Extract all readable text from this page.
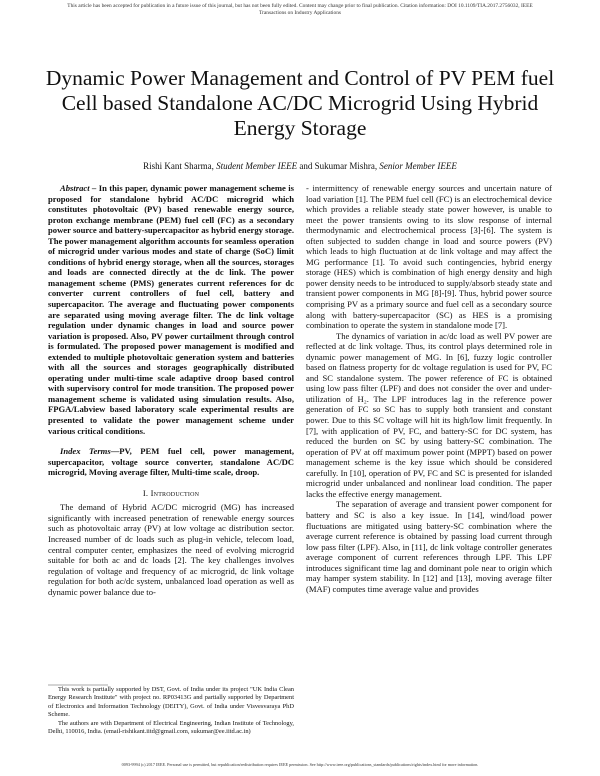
This article has been accepted for publication in a future issue of this journal, but has not been fully edited. Content may change prior to final publication. Citation information: DOI 10.1109/TIA.2017.2756032, IEEE
Transactions on Industry Applications
Dynamic Power Management and Control of PV PEM fuel Cell based Standalone AC/DC Microgrid Using Hybrid Energy Storage
Rishi Kant Sharma, Student Member IEEE and Sukumar Mishra, Senior Member IEEE

Abstract – In this paper, dynamic power management scheme is proposed for standalone hybrid AC/DC microgrid which constitutes photovoltaic (PV) based renewable energy source, proton exchange membrane (PEM) fuel cell (FC) as a secondary power source and battery-supercapacitor as hybrid energy storage. The power management algorithm accounts for seamless operation of microgrid under various modes and state of charge (SoC) limit conditions of hybrid energy storage, when all the sources, storages and loads are connected directly at the dc link. The power management scheme (PMS) generates current references for dc converter current controllers of fuel cell, battery and supercapacitor. The average and fluctuating power components are separated using moving average filter. The dc link voltage regulation under dynamic changes in load and source power variation is proposed. Also, PV power curtailment through control is formulated. The proposed power management is modified and extended to multiple photovoltaic generation system and batteries with all the sources and storages geographically distributed operating under multi-time scale adaptive droop based control with supervisory control for mode transition. The proposed power management scheme is validated using simulation results. Also, FPGA/Labview based laboratory scale experimental results are presented to validate the power management scheme under various critical conditions.

Index Terms—PV, PEM fuel cell, power management, supercapacitor, voltage source converter, standalone AC/DC microgrid, Moving average filter, Multi-time scale, droop.

I. Introduction

The demand of Hybrid AC/DC microgrid (MG) has increased significantly with increased penetration of renewable energy sources such as photovoltaic array (PV) at low voltage ac distribution sector. Increased number of dc loads such as plug-in vehicle, telecom load, central computer center, emphasizes the need of evolving microgrid suitable for both ac and dc loads [2]. The key challenges involves regulation of voltage and frequency of ac microgrid, dc link voltage regulation for both ac/dc system, unbalanced load operation as well as dynamic power balance due to-

- intermittency of renewable energy sources and uncertain nature of load variation [1]. The PEM fuel cell (FC) is an electrochemical device which provides a reliable steady state power however, is unable to meet the power transients owing to its slow response of internal thermodynamic and electrochemical process [3]-[6]. The system is often subjected to sudden change in load and source powers (PV) which leads to high fluctuation at dc link voltage and may affect the MG performance [1]. To avoid such contingencies, hybrid energy storage (HES) which is combination of high energy density and high power density needs to be introduced to supply/absorb steady state and transient power components in MG [8]-[9]. Thus, hybrid power source comprising PV as a primary source and fuel cell as a secondary source along with battery-supercapacitor (SC) as HES is a promising combination to operate the system in standalone mode [7].

The dynamics of variation in ac/dc load as well PV power are reflected at dc link voltage. Thus, its control plays determined role in dynamic power management of MG. In [6], fuzzy logic controller based on flatness property for dc voltage regulation is used for PV, FC and SC standalone system. The power reference of FC is obtained using low pass filter (LPF) and does not consider the over and under-utilization of H₂. The LPF introduces lag in the reference power generation of FC so SC has to supply both transient and constant power. Due to this SC voltage will hit its high/low limit frequently. In [7], with application of PV, FC, and battery-SC for DC system, has reduced the burden on SC by using battery-SC combination. The operation of PV at off maximum power point (MPPT) based on power management scheme is the key issue which should be considered carefully. In [10], operation of PV, FC and SC is presented for islanded microgrid under unbalanced and nonlinear load condition. The paper lacks the effective energy management.

The separation of average and transient power component for battery and SC is also a key issue. In [14], wind/load power fluctuations are mitigated using battery-SC combination where the average current reference is obtained by passing load current through low pass filter (LPF). Also, in [11], dc link voltage controller generates average component of current references through LPF. This LPF introduces significant time lag and dominant pole near to origin which may hamper system stability. In [12] and [13], moving average filter (MAF) computes time average value and provides

This work is partially supported by DST, Govt. of India under its project "UK India Clean Energy Research Institute" with project no. RP03413G and partially supported by Department of Electronics and Information Technology (DEITY), Govt. of India under Visvesvaraya PhD Scheme.

The authors are with Department of Electrical Engineering, Indian Institute of Technology, Delhi, 110016, India. (email-rishikant.iitd@gmail.com, sukumar@ee.iitd.ac.in)

0093-9994 (c) 2017 IEEE. Personal use is permitted, but republication/redistribution requires IEEE permission. See http://www.ieee.org/publications_standards/publications/rights/index.html for more information.
